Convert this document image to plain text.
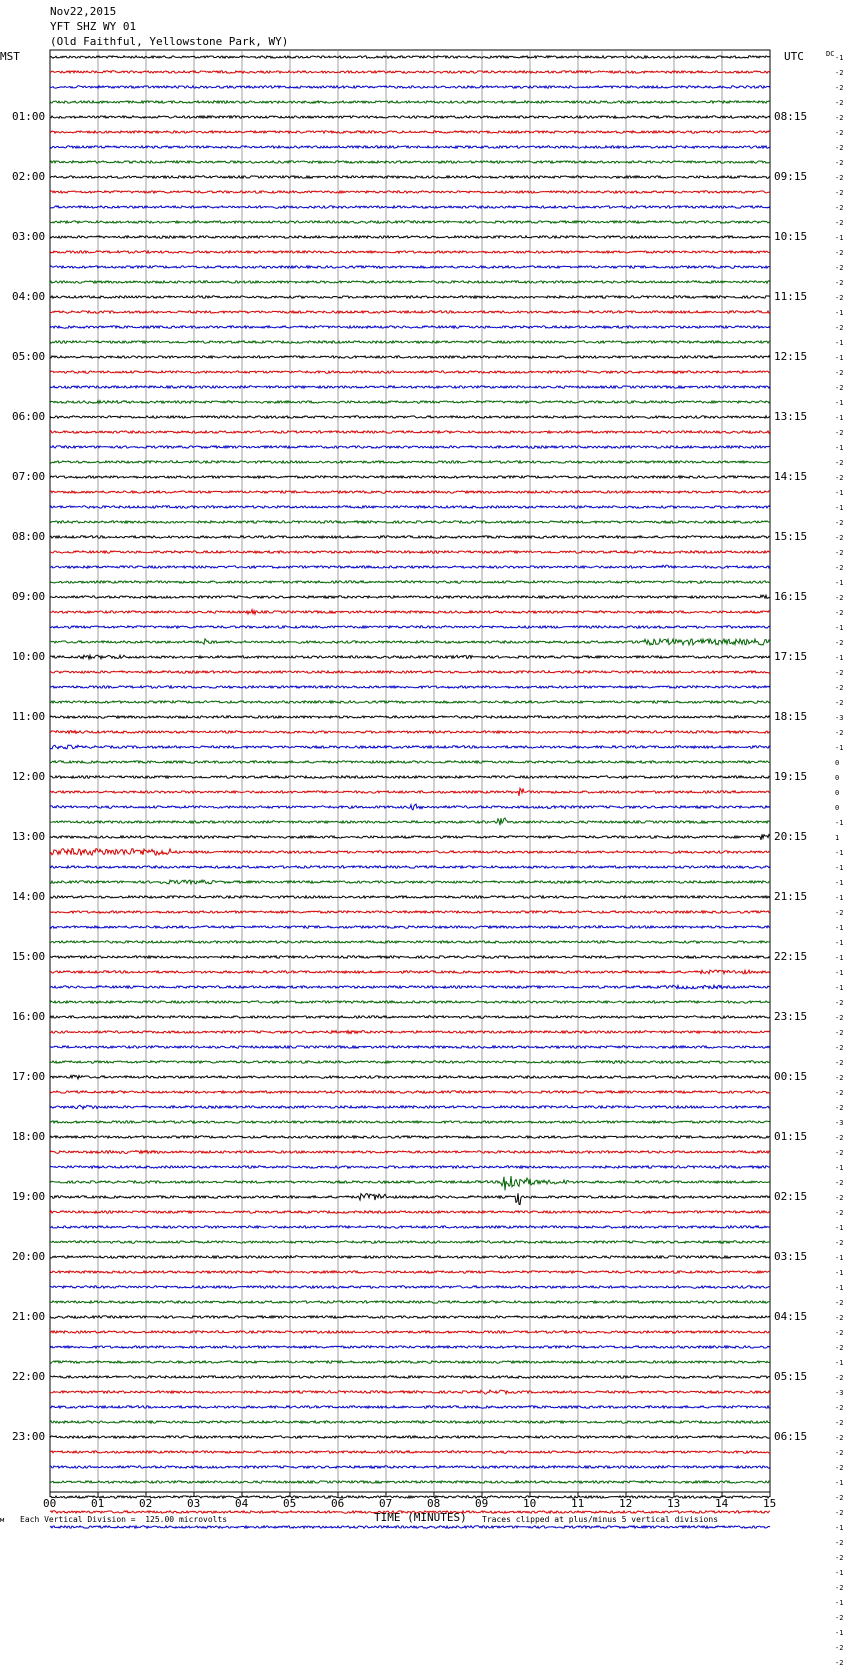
Nov22,2015
YFT SHZ WY 01
(Old Faithful, Yellowstone Park, WY)
MST	UTC	DC
01:00	08:15
02:00	09:15
03:00	10:15
04:00	11:15
05:00	12:15
06:00	13:15
07:00	14:15
08:00	15:15
09:00	16:15
10:00	17:15
11:00	18:15
12:00	19:15
13:00	20:15
14:00	21:15
15:00	22:15
16:00	23:15
17:00	00:15
18:00	01:15
19:00	02:15
20:00	03:15
21:00	04:15
22:00	05:15
23:00	06:15
-1
-2
-2
-2
-2
-2
-2
-2
-2
-2
-2
-2
-1
-2
-2
-2
-2
-1
-2
-1
-1
-2
-2
-1
-1
-2
-1
-2
-2
-1
-1
-2
-2
-2
-2
-1
-2
-2
-1
-2
-1
-2
-2
-2
-3
-2
-1
0
0
0
0
-1
1
-1
-1
-1
-1
-2
-1
-1
-1
-1
-1
-2
-2
-2
-2
-2
-2
-2
-2
-3
-2
-2
-1
-2
-2
-2
-1
-2
-1
-1
-1
-2
-2
-2
-2
-1
-2
-3
-2
-2
-2
-2
-2
-1
-2
-2
-1
-2
-2
-1
-2
-1
-2
-1
-2
-2
00	01	02	03	04	05	06	07	08	09	10	11	12	13	14	15
м Each Vertical Division =  125.00 microvolts	TIME (MINUTES) Traces clipped at plus/minus 5 vertical divisions
